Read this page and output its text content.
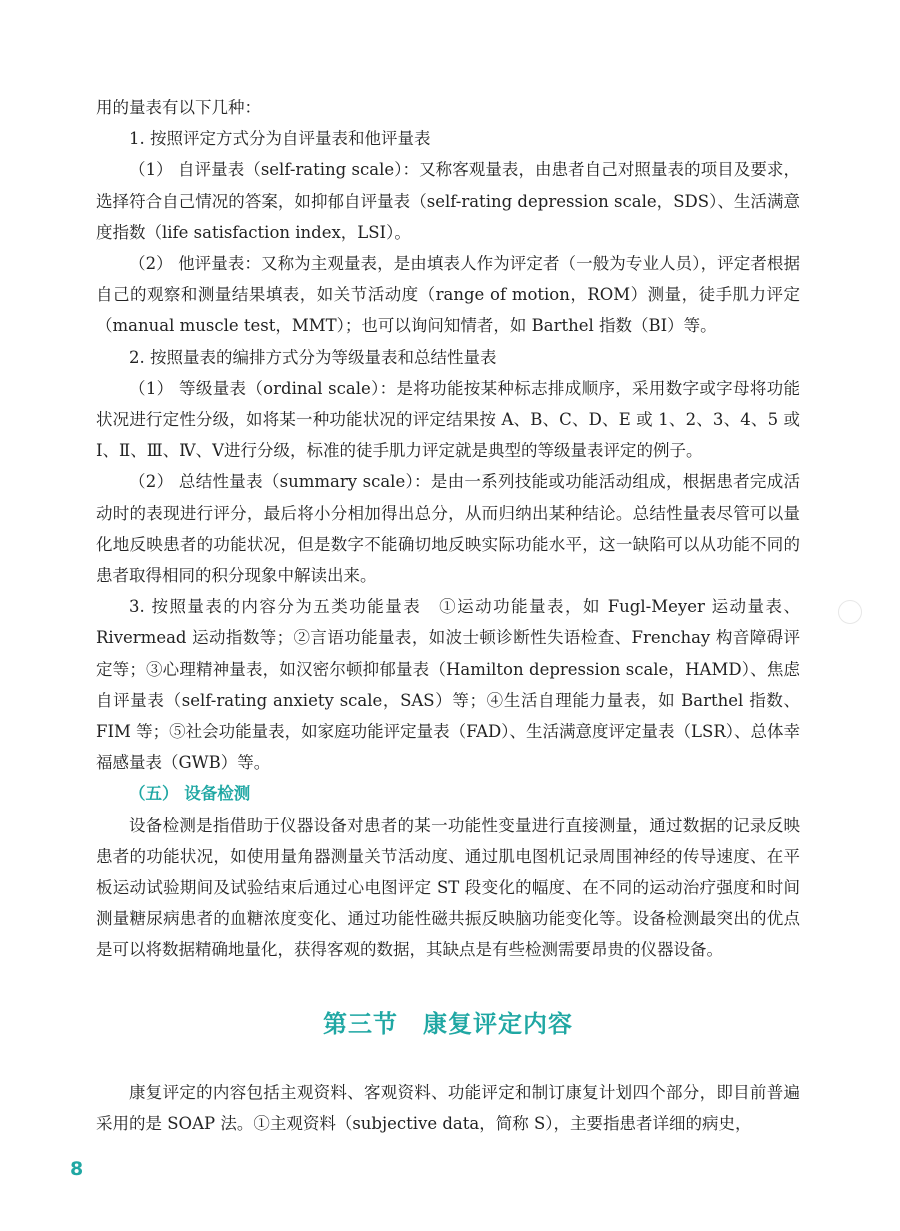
用的量表有以下几种：

1. 按照评定方式分为自评量表和他评量表

（1） 自评量表（self-rating scale）：又称客观量表，由患者自己对照量表的项目及要求，选择符合自己情况的答案，如抑郁自评量表（self-rating depression scale，SDS）、生活满意度指数（life satisfaction index，LSI）。

（2） 他评量表：又称为主观量表，是由填表人作为评定者（一般为专业人员），评定者根据自己的观察和测量结果填表，如关节活动度（range of motion，ROM）测量，徒手肌力评定（manual muscle test，MMT）；也可以询问知情者，如 Barthel 指数（BI）等。

2. 按照量表的编排方式分为等级量表和总结性量表

（1） 等级量表（ordinal scale）：是将功能按某种标志排成顺序，采用数字或字母将功能状况进行定性分级，如将某一种功能状况的评定结果按 A、B、C、D、E 或 1、2、3、4、5 或 Ⅰ、Ⅱ、Ⅲ、Ⅳ、Ⅴ进行分级，标准的徒手肌力评定就是典型的等级量表评定的例子。

（2） 总结性量表（summary scale）：是由一系列技能或功能活动组成，根据患者完成活动时的表现进行评分，最后将小分相加得出总分，从而归纳出某种结论。总结性量表尽管可以量化地反映患者的功能状况，但是数字不能确切地反映实际功能水平，这一缺陷可以从功能不同的患者取得相同的积分现象中解读出来。

3. 按照量表的内容分为五类功能量表　①运动功能量表，如 Fugl-Meyer 运动量表、Rivermead 运动指数等；②言语功能量表，如波士顿诊断性失语检查、Frenchay 构音障碍评定等；③心理精神量表，如汉密尔顿抑郁量表（Hamilton depression scale，HAMD）、焦虑自评量表（self-rating anxiety scale，SAS）等；④生活自理能力量表，如 Barthel 指数、FIM 等；⑤社会功能量表，如家庭功能评定量表（FAD）、生活满意度评定量表（LSR）、总体幸福感量表（GWB）等。

（五） 设备检测

设备检测是指借助于仪器设备对患者的某一功能性变量进行直接测量，通过数据的记录反映患者的功能状况，如使用量角器测量关节活动度、通过肌电图机记录周围神经的传导速度、在平板运动试验期间及试验结束后通过心电图评定 ST 段变化的幅度、在不同的运动治疗强度和时间测量糖尿病患者的血糖浓度变化、通过功能性磁共振反映脑功能变化等。设备检测最突出的优点是可以将数据精确地量化，获得客观的数据，其缺点是有些检测需要昂贵的仪器设备。

第三节　康复评定内容

康复评定的内容包括主观资料、客观资料、功能评定和制订康复计划四个部分，即目前普遍采用的是 SOAP 法。①主观资料（subjective data，简称 S），主要指患者详细的病史，

8
